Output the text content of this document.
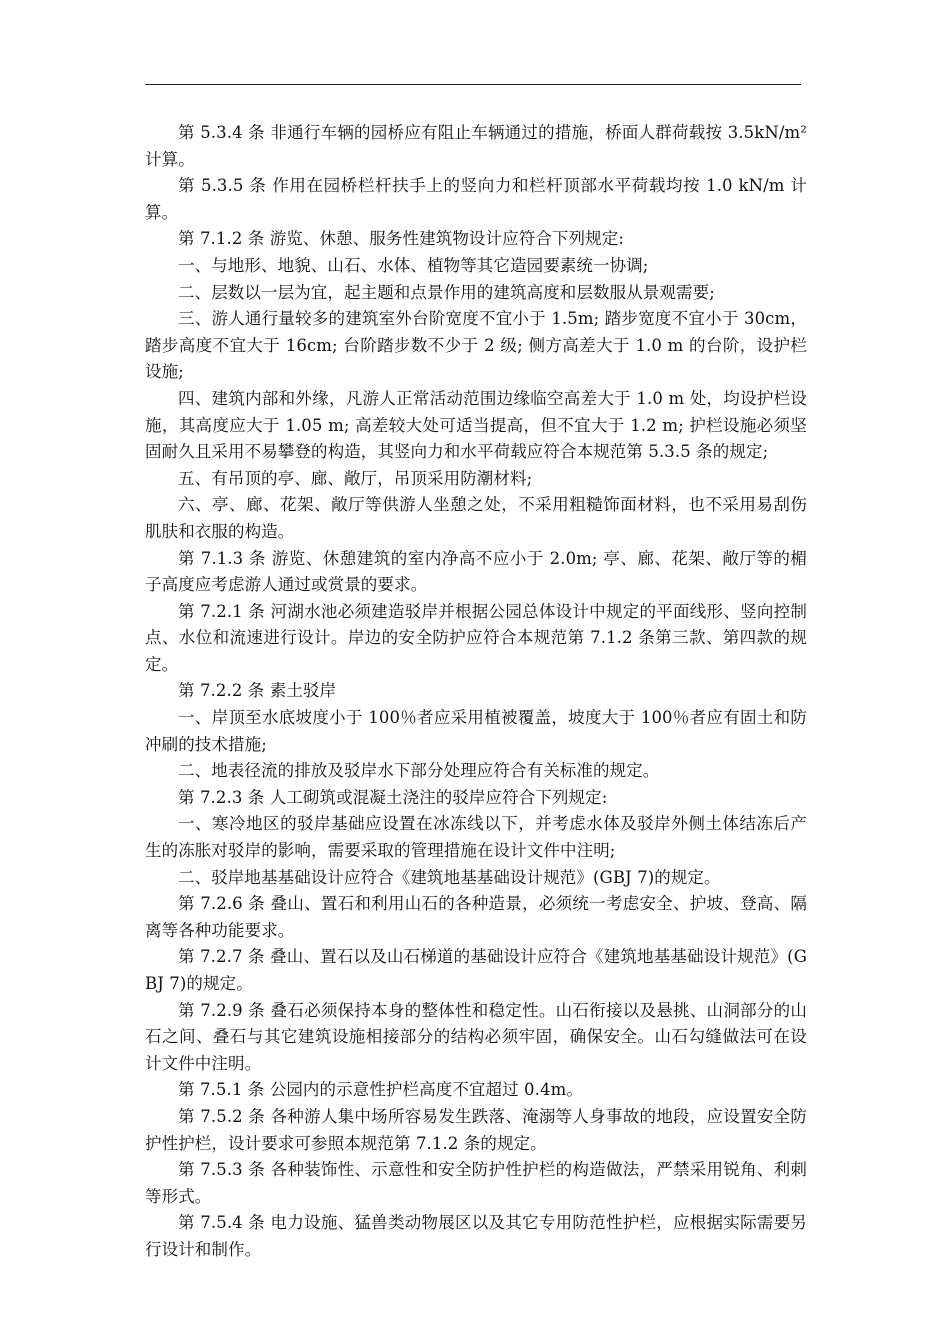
第 5.3.4 条 非通行车辆的园桥应有阻止车辆通过的措施，桥面人群荷载按 3.5kN/m²计算。

第 5.3.5 条 作用在园桥栏杆扶手上的竖向力和栏杆顶部水平荷载均按 1.0 kN/m 计算。

第 7.1.2 条 游览、休憩、服务性建筑物设计应符合下列规定:

一、与地形、地貌、山石、水体、植物等其它造园要素统一协调;

二、层数以一层为宜，起主题和点景作用的建筑高度和层数服从景观需要;

三、游人通行量较多的建筑室外台阶宽度不宜小于 1.5m; 踏步宽度不宜小于 30cm，踏步高度不宜大于 16cm; 台阶踏步数不少于 2 级; 侧方高差大于 1.0 m 的台阶，设护栏设施;

四、建筑内部和外缘，凡游人正常活动范围边缘临空高差大于 1.0 m 处，均设护栏设施，其高度应大于 1.05 m; 高差较大处可适当提高，但不宜大于 1.2 m; 护栏设施必须坚固耐久且采用不易攀登的构造，其竖向力和水平荷载应符合本规范第 5.3.5 条的规定;

五、有吊顶的亭、廊、敞厅，吊顶采用防潮材料;

六、亭、廊、花架、敞厅等供游人坐憩之处，不采用粗糙饰面材料，也不采用易刮伤肌肤和衣服的构造。

第 7.1.3 条 游览、休憩建筑的室内净高不应小于 2.0m; 亭、廊、花架、敞厅等的楣子高度应考虑游人通过或赏景的要求。

第 7.2.1 条 河湖水池必须建造驳岸并根据公园总体设计中规定的平面线形、竖向控制点、水位和流速进行设计。岸边的安全防护应符合本规范第 7.1.2 条第三款、第四款的规定。

第 7.2.2 条 素土驳岸

一、岸顶至水底坡度小于 100％者应采用植被覆盖，坡度大于 100％者应有固土和防冲刷的技术措施;

二、地表径流的排放及驳岸水下部分处理应符合有关标准的规定。

第 7.2.3 条 人工砌筑或混凝土浇注的驳岸应符合下列规定:

一、寒冷地区的驳岸基础应设置在冰冻线以下，并考虑水体及驳岸外侧土体结冻后产生的冻胀对驳岸的影响，需要采取的管理措施在设计文件中注明;

二、驳岸地基基础设计应符合《建筑地基基础设计规范》(GBJ 7)的规定。

第 7.2.6 条 叠山、置石和利用山石的各种造景，必须统一考虑安全、护坡、登高、隔离等各种功能要求。

第 7.2.7 条 叠山、置石以及山石梯道的基础设计应符合《建筑地基基础设计规范》(GBJ 7)的规定。

第 7.2.9 条 叠石必须保持本身的整体性和稳定性。山石衔接以及悬挑、山洞部分的山石之间、叠石与其它建筑设施相接部分的结构必须牢固，确保安全。山石勾缝做法可在设计文件中注明。

第 7.5.1 条 公园内的示意性护栏高度不宜超过 0.4m。

第 7.5.2 条 各种游人集中场所容易发生跌落、淹溺等人身事故的地段，应设置安全防护性护栏，设计要求可参照本规范第 7.1.2 条的规定。

第 7.5.3 条 各种装饰性、示意性和安全防护性护栏的构造做法，严禁采用锐角、利刺等形式。

第 7.5.4 条 电力设施、猛兽类动物展区以及其它专用防范性护栏，应根据实际需要另行设计和制作。
